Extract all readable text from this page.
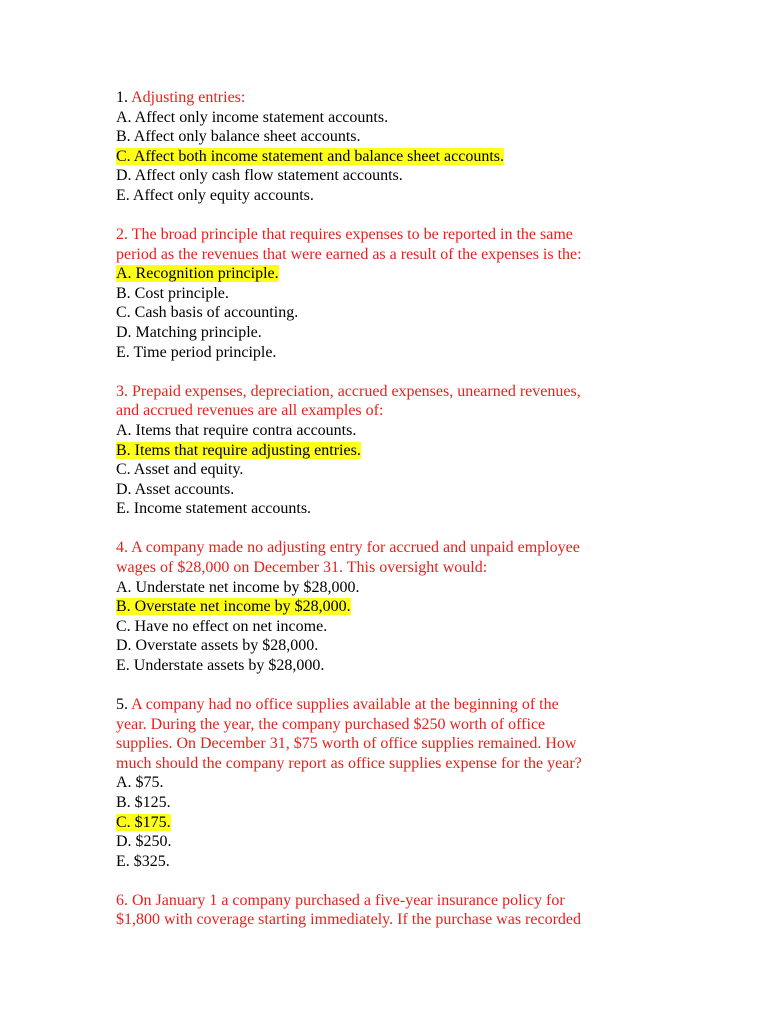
1. Adjusting entries:
A. Affect only income statement accounts.
B. Affect only balance sheet accounts.
C. Affect both income statement and balance sheet accounts.
D. Affect only cash flow statement accounts.
E. Affect only equity accounts.
2. The broad principle that requires expenses to be reported in the same
period as the revenues that were earned as a result of the expenses is the:
A. Recognition principle.
B. Cost principle.
C. Cash basis of accounting.
D. Matching principle.
E. Time period principle.
3. Prepaid expenses, depreciation, accrued expenses, unearned revenues,
and accrued revenues are all examples of:
A. Items that require contra accounts.
B. Items that require adjusting entries.
C. Asset and equity.
D. Asset accounts.
E. Income statement accounts.
4. A company made no adjusting entry for accrued and unpaid employee
wages of $28,000 on December 31. This oversight would:
A. Understate net income by $28,000.
B. Overstate net income by $28,000.
C. Have no effect on net income.
D. Overstate assets by $28,000.
E. Understate assets by $28,000.
5. A company had no office supplies available at the beginning of the
year. During the year, the company purchased $250 worth of office
supplies. On December 31, $75 worth of office supplies remained. How
much should the company report as office supplies expense for the year?
A. $75.
B. $125.
C. $175.
D. $250.
E. $325.
6. On January 1 a company purchased a five-year insurance policy for
$1,800 with coverage starting immediately. If the purchase was recorded
